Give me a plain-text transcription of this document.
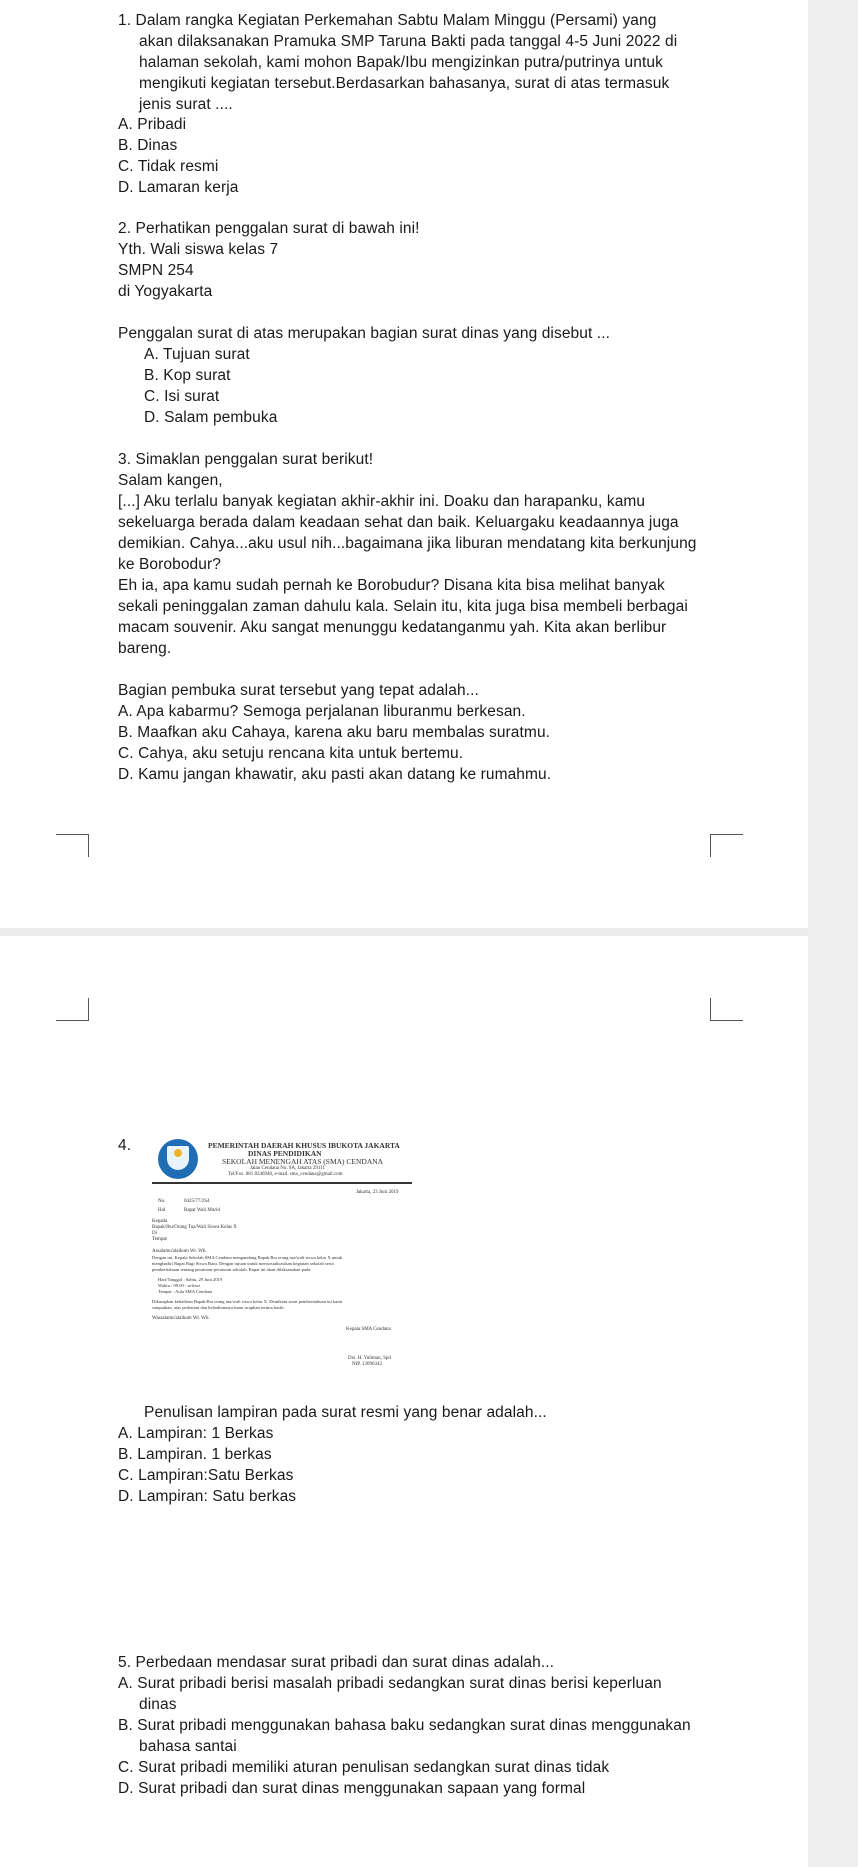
1. Dalam rangka Kegiatan Perkemahan Sabtu Malam Minggu (Persami) yang
akan dilaksanakan Pramuka SMP Taruna Bakti pada tanggal 4-5 Juni 2022 di
halaman sekolah, kami mohon Bapak/Ibu mengizinkan putra/putrinya untuk
mengikuti kegiatan tersebut.Berdasarkan bahasanya, surat di atas termasuk
jenis surat ....
A. Pribadi
B. Dinas
C. Tidak resmi
D. Lamaran kerja
2. Perhatikan penggalan surat di bawah ini!
Yth. Wali siswa kelas 7
SMPN 254
di Yogyakarta
Penggalan surat di atas merupakan bagian surat dinas yang disebut ...
A. Tujuan surat
B. Kop surat
C. Isi surat
D. Salam pembuka
3. Simaklan penggalan surat berikut!
Salam kangen,
[...] Aku terlalu banyak kegiatan akhir-akhir ini. Doaku dan harapanku, kamu
sekeluarga berada dalam keadaan sehat dan baik. Keluargaku keadaannya juga
demikian. Cahya...aku usul nih...bagaimana jika liburan mendatang kita berkunjung
ke Borobodur?
Eh ia, apa kamu sudah pernah ke Borobudur? Disana kita bisa melihat banyak
sekali peninggalan zaman dahulu kala. Selain itu, kita juga bisa membeli berbagai
macam souvenir. Aku sangat menunggu kedatanganmu yah. Kita akan berlibur
bareng.
Bagian pembuka surat tersebut yang tepat adalah...
A. Apa kabarmu? Semoga perjalanan liburanmu berkesan.
B. Maafkan aku Cahaya, karena aku baru membalas suratmu.
C. Cahya, aku setuju rencana kita untuk bertemu.
D. Kamu jangan khawatir, aku pasti akan datang ke rumahmu.
4.	PEMERINTAH DAERAH KHUSUS IBUKOTA JAKARTA
DINAS PENDIDIKAN
SEKOLAH MENENGAH ATAS (SMA) CENDANA
Jalan Cendana No. 9A, Jakarta 29111
Tel/Fax. 081 8246940, e-mail. sma_cendana@gmail.com
Jakarta, 23 Juni 2019
No.	0425/77/2S4
Hal	Rapat Wali Murid
Kepada
Bapak/Ibu/Orang Tua/Wali Siswa Kelas X
Di
Tempat
Assalamu'alaikum Wr. Wb.
Dengan ini, Kepala Sekolah SMA Cendana mengundang Bapak/Ibu orang tua/wali siswa kelas X untuk
menghadiri Rapat Bagi Siswa Baru. Dengan tujuan untuk mensosialisasikan kegiatan sekolah serta
pemberitahuan tentang peraturan-peraturan sekolah. Rapat ini akan dilaksanakan pada:
Hari/Tanggal : Sabtu, 29 Juni 2019
Waktu : 09.00 - selesai
Tempat : Aula SMA Cendana
Dikarapkan kehadiran Bapak/Ibu orang tua/wali siswa kelas X. Demikian surat pemberitahuan ini kami
sampaikan, atas perhatian dan kehadirannya kami ucapkan terima kasih.
Wassalamu'alaikum Wr. Wb.
Kepala SMA Cendana
Drs. H. Yuliman, Spd
NIP. 13096342
Penulisan lampiran pada surat resmi yang benar adalah...
A. Lampiran: 1 Berkas
B. Lampiran. 1 berkas
C. Lampiran:Satu Berkas
D. Lampiran: Satu berkas
5. Perbedaan mendasar surat pribadi dan surat dinas adalah...
A. Surat pribadi berisi masalah pribadi sedangkan surat dinas berisi keperluan
dinas
B. Surat pribadi menggunakan bahasa baku sedangkan surat dinas menggunakan
bahasa santai
C. Surat pribadi memiliki aturan penulisan sedangkan surat dinas tidak
D. Surat pribadi dan surat dinas menggunakan sapaan yang formal
